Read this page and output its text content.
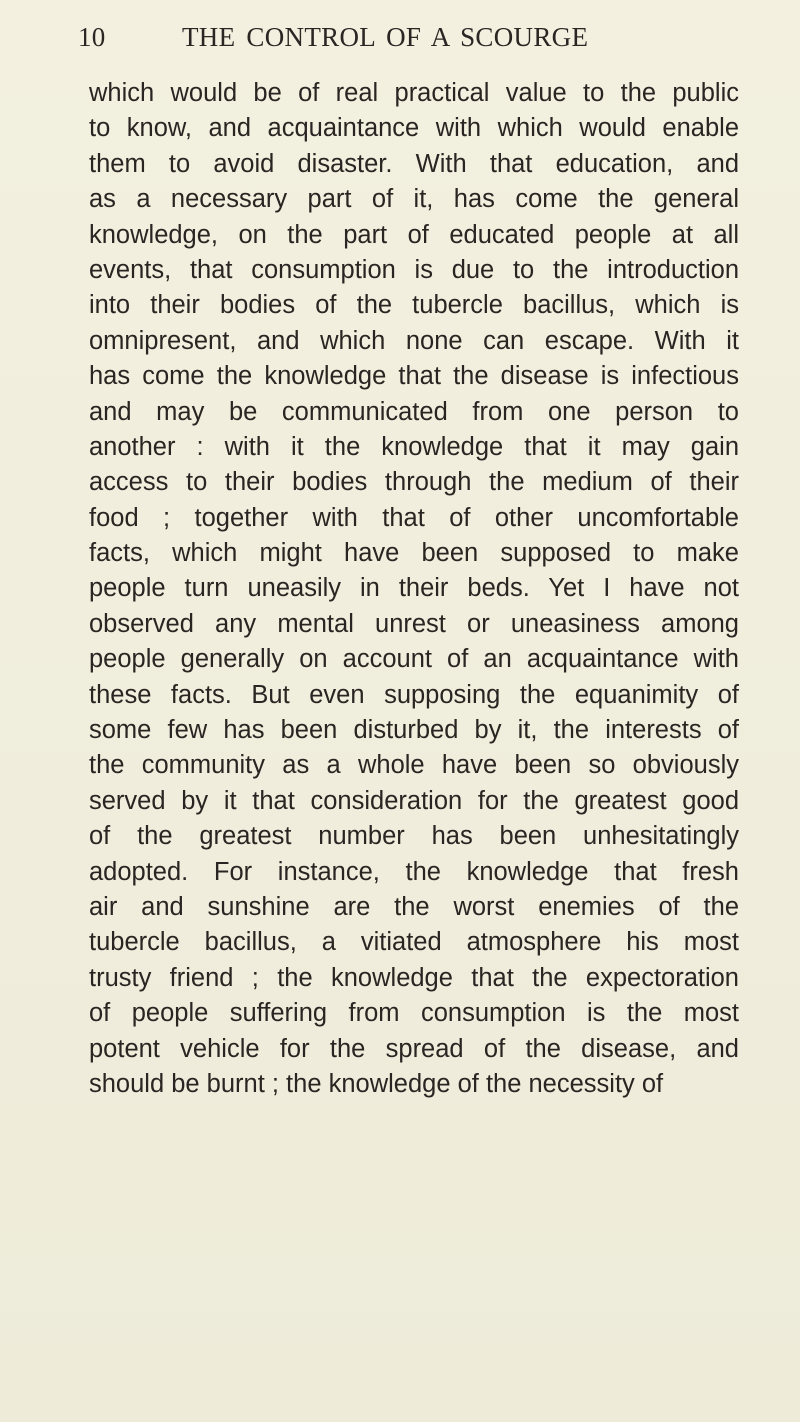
10	THE CONTROL OF A SCOURGE
which would be of real practical value to the public
to know, and acquaintance with which would enable
them to avoid disaster. With that education, and
as a necessary part of it, has come the general
knowledge, on the part of educated people at all
events, that consumption is due to the introduction
into their bodies of the tubercle bacillus, which is
omnipresent, and which none can escape. With it
has come the knowledge that the disease is infectious
and may be communicated from one person to
another : with it the knowledge that it may gain
access to their bodies through the medium of their
food ; together with that of other uncomfortable
facts, which might have been supposed to make
people turn uneasily in their beds. Yet I have not
observed any mental unrest or uneasiness among
people generally on account of an acquaintance with
these facts. But even supposing the equanimity of
some few has been disturbed by it, the interests of
the community as a whole have been so obviously
served by it that consideration for the greatest good
of the greatest number has been unhesitatingly
adopted. For instance, the knowledge that fresh
air and sunshine are the worst enemies of the
tubercle bacillus, a vitiated atmosphere his most
trusty friend ; the knowledge that the expectoration
of people suffering from consumption is the most
potent vehicle for the spread of the disease, and
should be burnt ; the knowledge of the necessity of
